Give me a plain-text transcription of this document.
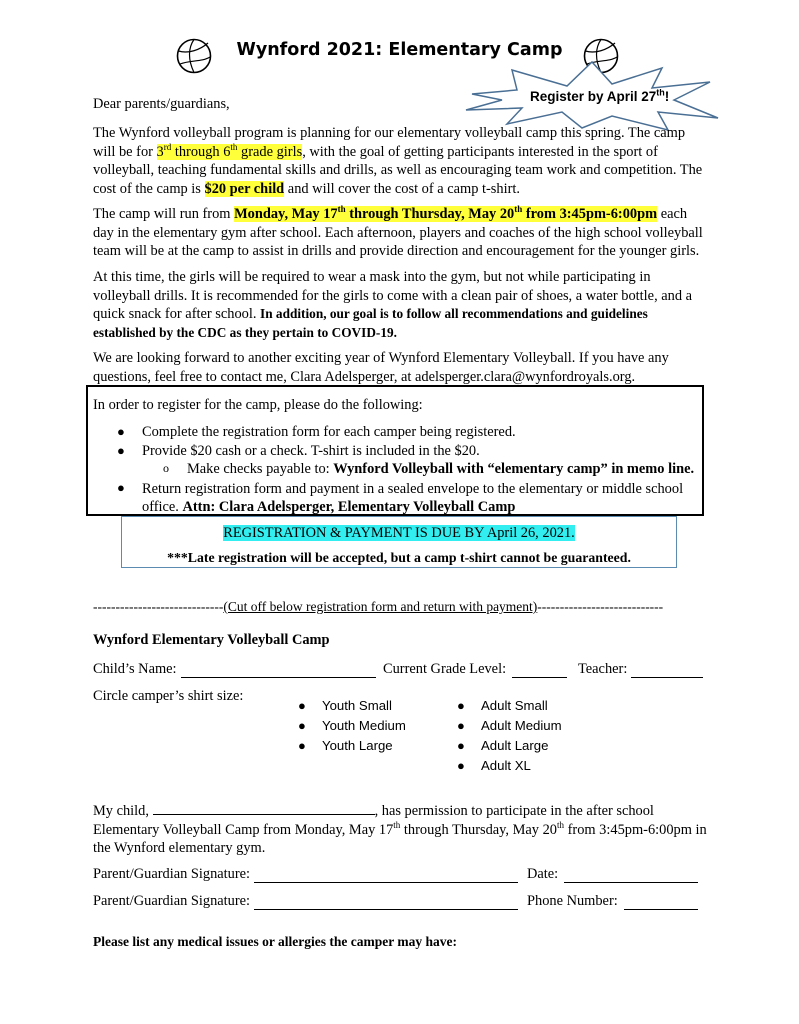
Wynford 2021: Elementary Camp
Register by April 27th!
Dear parents/guardians,
The Wynford volleyball program is planning for our elementary volleyball camp this spring. The camp will be for 3rd through 6th grade girls, with the goal of getting participants interested in the sport of volleyball, teaching fundamental skills and drills, as well as encouraging team work and competition. The cost of the camp is $20 per child and will cover the cost of a camp t-shirt.
The camp will run from Monday, May 17th through Thursday, May 20th from 3:45pm-6:00pm each day in the elementary gym after school. Each afternoon, players and coaches of the high school volleyball team will be at the camp to assist in drills and provide direction and encouragement for the younger girls.
At this time, the girls will be required to wear a mask into the gym, but not while participating in volleyball drills. It is recommended for the girls to come with a clean pair of shoes, a water bottle, and a quick snack for after school. In addition, our goal is to follow all recommendations and guidelines established by the CDC as they pertain to COVID-19.
We are looking forward to another exciting year of Wynford Elementary Volleyball. If you have any questions, feel free to contact me, Clara Adelsperger, at adelsperger.clara@wynfordroyals.org.
In order to register for the camp, please do the following:
● Complete the registration form for each camper being registered.
● Provide $20 cash or a check. T-shirt is included in the $20.
o Make checks payable to: Wynford Volleyball with “elementary camp” in memo line.
● Return registration form and payment in a sealed envelope to the elementary or middle school office. Attn: Clara Adelsperger, Elementary Volleyball Camp
REGISTRATION & PAYMENT IS DUE BY April 26, 2021.
***Late registration will be accepted, but a camp t-shirt cannot be guaranteed.
-----------------------------(Cut off below registration form and return with payment)----------------------------
Wynford Elementary Volleyball Camp
Child’s Name:	Current Grade Level:	Teacher:
Circle camper’s shirt size:
Youth Small
Youth Medium
Youth Large
Adult Small
Adult Medium
Adult Large
Adult XL
My child,	, has permission to participate in the after school Elementary Volleyball Camp from Monday, May 17th through Thursday, May 20th from 3:45pm-6:00pm in the Wynford elementary gym.
Parent/Guardian Signature:	Date:
Parent/Guardian Signature:	Phone Number:
Please list any medical issues or allergies the camper may have:
●
●
●
●
●
●
●
